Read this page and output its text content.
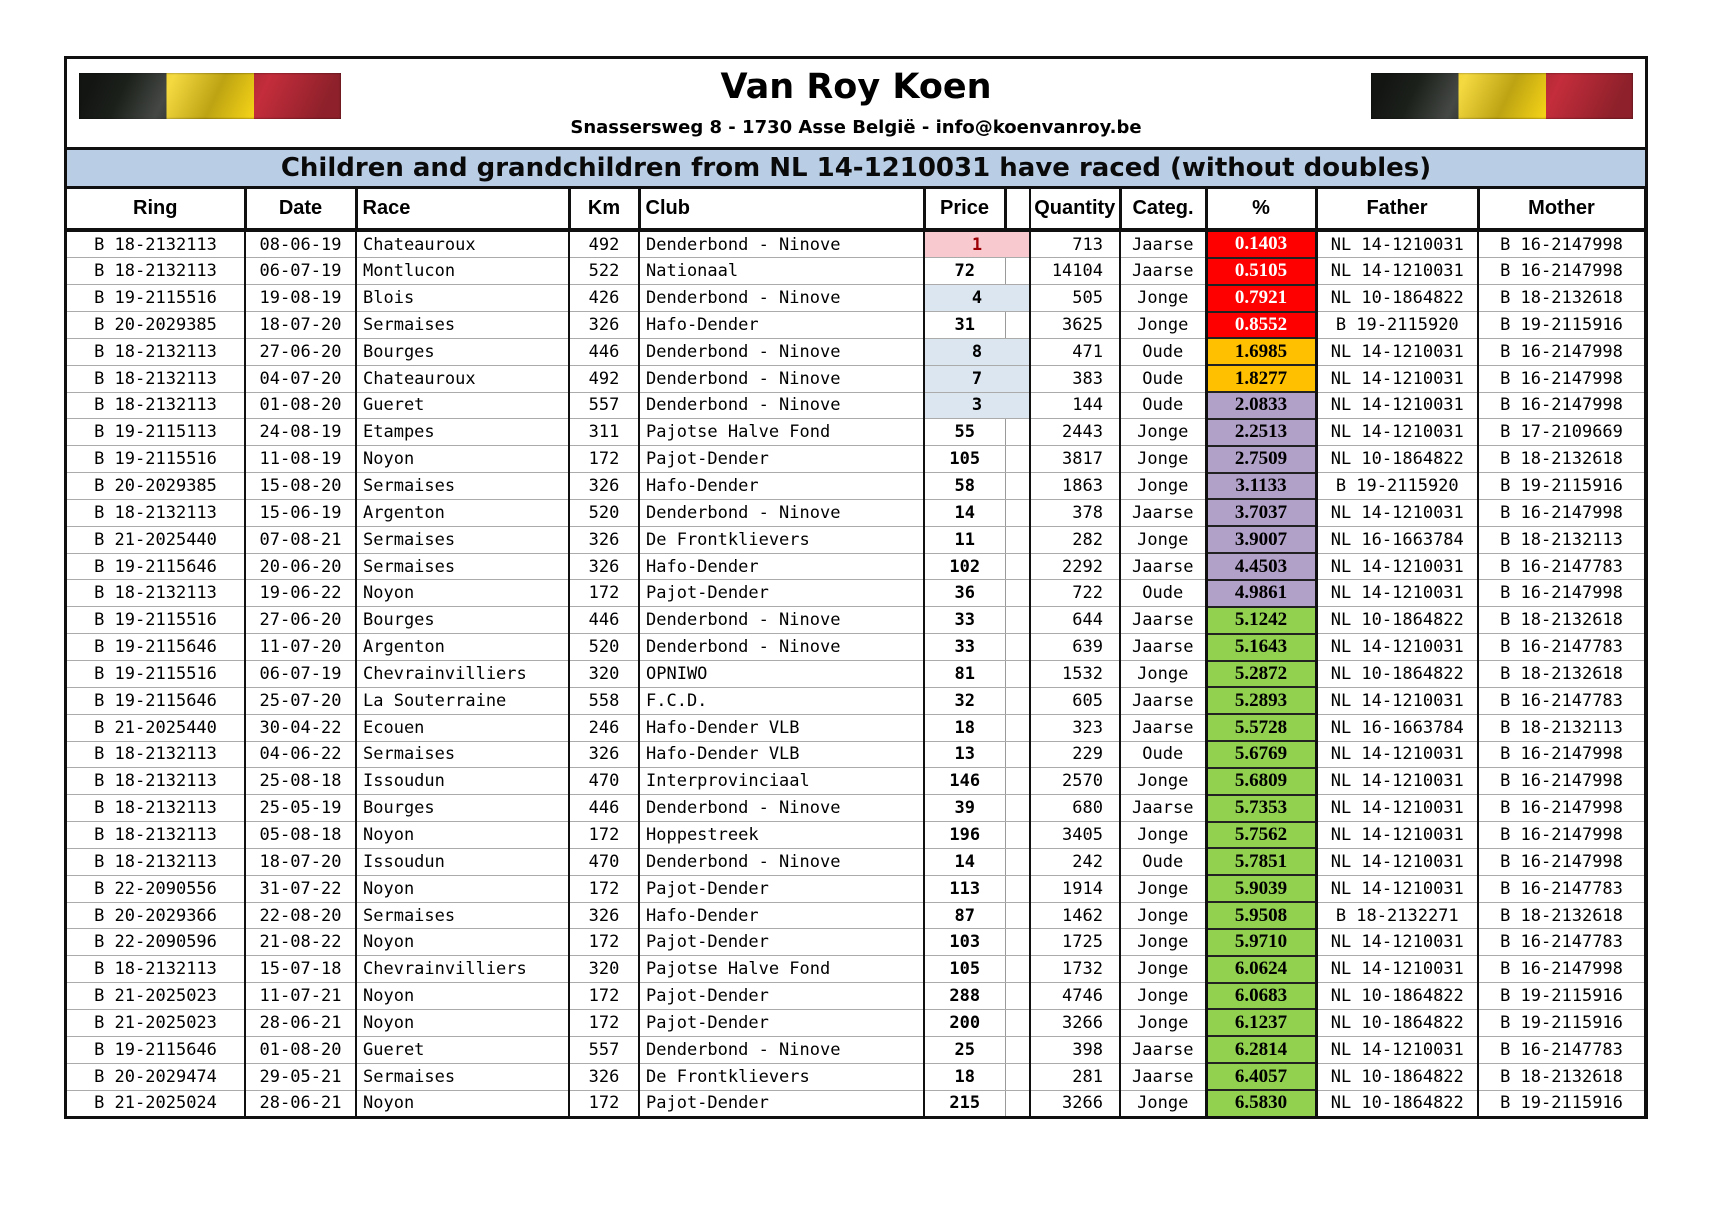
Van Roy Koen
Snassersweg 8 - 1730 Asse België - info@koenvanroy.be
Children and grandchildren from NL 14-1210031 have raced (without doubles)
Ring	Date	Race	Km	Club	Price		Quantity	Categ.	%	Father	Mother
B 18-2132113	08-06-19	Chateauroux	492	Denderbond - Ninove	1		713	Jaarse	0.1403	NL 14-1210031	B 16-2147998
B 18-2132113	06-07-19	Montlucon	522	Nationaal	72		14104	Jaarse	0.5105	NL 14-1210031	B 16-2147998
B 19-2115516	19-08-19	Blois	426	Denderbond - Ninove	4		505	Jonge	0.7921	NL 10-1864822	B 18-2132618
B 20-2029385	18-07-20	Sermaises	326	Hafo-Dender	31		3625	Jonge	0.8552	B 19-2115920	B 19-2115916
B 18-2132113	27-06-20	Bourges	446	Denderbond - Ninove	8		471	Oude	1.6985	NL 14-1210031	B 16-2147998
B 18-2132113	04-07-20	Chateauroux	492	Denderbond - Ninove	7		383	Oude	1.8277	NL 14-1210031	B 16-2147998
B 18-2132113	01-08-20	Gueret	557	Denderbond - Ninove	3		144	Oude	2.0833	NL 14-1210031	B 16-2147998
B 19-2115113	24-08-19	Etampes	311	Pajotse Halve Fond	55		2443	Jonge	2.2513	NL 14-1210031	B 17-2109669
B 19-2115516	11-08-19	Noyon	172	Pajot-Dender	105		3817	Jonge	2.7509	NL 10-1864822	B 18-2132618
B 20-2029385	15-08-20	Sermaises	326	Hafo-Dender	58		1863	Jonge	3.1133	B 19-2115920	B 19-2115916
B 18-2132113	15-06-19	Argenton	520	Denderbond - Ninove	14		378	Jaarse	3.7037	NL 14-1210031	B 16-2147998
B 21-2025440	07-08-21	Sermaises	326	De Frontklievers	11		282	Jonge	3.9007	NL 16-1663784	B 18-2132113
B 19-2115646	20-06-20	Sermaises	326	Hafo-Dender	102		2292	Jaarse	4.4503	NL 14-1210031	B 16-2147783
B 18-2132113	19-06-22	Noyon	172	Pajot-Dender	36		722	Oude	4.9861	NL 14-1210031	B 16-2147998
B 19-2115516	27-06-20	Bourges	446	Denderbond - Ninove	33		644	Jaarse	5.1242	NL 10-1864822	B 18-2132618
B 19-2115646	11-07-20	Argenton	520	Denderbond - Ninove	33		639	Jaarse	5.1643	NL 14-1210031	B 16-2147783
B 19-2115516	06-07-19	Chevrainvilliers	320	OPNIWO	81		1532	Jonge	5.2872	NL 10-1864822	B 18-2132618
B 19-2115646	25-07-20	La Souterraine	558	F.C.D.	32		605	Jaarse	5.2893	NL 14-1210031	B 16-2147783
B 21-2025440	30-04-22	Ecouen	246	Hafo-Dender VLB	18		323	Jaarse	5.5728	NL 16-1663784	B 18-2132113
B 18-2132113	04-06-22	Sermaises	326	Hafo-Dender VLB	13		229	Oude	5.6769	NL 14-1210031	B 16-2147998
B 18-2132113	25-08-18	Issoudun	470	Interprovinciaal	146		2570	Jonge	5.6809	NL 14-1210031	B 16-2147998
B 18-2132113	25-05-19	Bourges	446	Denderbond - Ninove	39		680	Jaarse	5.7353	NL 14-1210031	B 16-2147998
B 18-2132113	05-08-18	Noyon	172	Hoppestreek	196		3405	Jonge	5.7562	NL 14-1210031	B 16-2147998
B 18-2132113	18-07-20	Issoudun	470	Denderbond - Ninove	14		242	Oude	5.7851	NL 14-1210031	B 16-2147998
B 22-2090556	31-07-22	Noyon	172	Pajot-Dender	113		1914	Jonge	5.9039	NL 14-1210031	B 16-2147783
B 20-2029366	22-08-20	Sermaises	326	Hafo-Dender	87		1462	Jonge	5.9508	B 18-2132271	B 18-2132618
B 22-2090596	21-08-22	Noyon	172	Pajot-Dender	103		1725	Jonge	5.9710	NL 14-1210031	B 16-2147783
B 18-2132113	15-07-18	Chevrainvilliers	320	Pajotse Halve Fond	105		1732	Jonge	6.0624	NL 14-1210031	B 16-2147998
B 21-2025023	11-07-21	Noyon	172	Pajot-Dender	288		4746	Jonge	6.0683	NL 10-1864822	B 19-2115916
B 21-2025023	28-06-21	Noyon	172	Pajot-Dender	200		3266	Jonge	6.1237	NL 10-1864822	B 19-2115916
B 19-2115646	01-08-20	Gueret	557	Denderbond - Ninove	25		398	Jaarse	6.2814	NL 14-1210031	B 16-2147783
B 20-2029474	29-05-21	Sermaises	326	De Frontklievers	18		281	Jaarse	6.4057	NL 10-1864822	B 18-2132618
B 21-2025024	28-06-21	Noyon	172	Pajot-Dender	215		3266	Jonge	6.5830	NL 10-1864822	B 19-2115916
